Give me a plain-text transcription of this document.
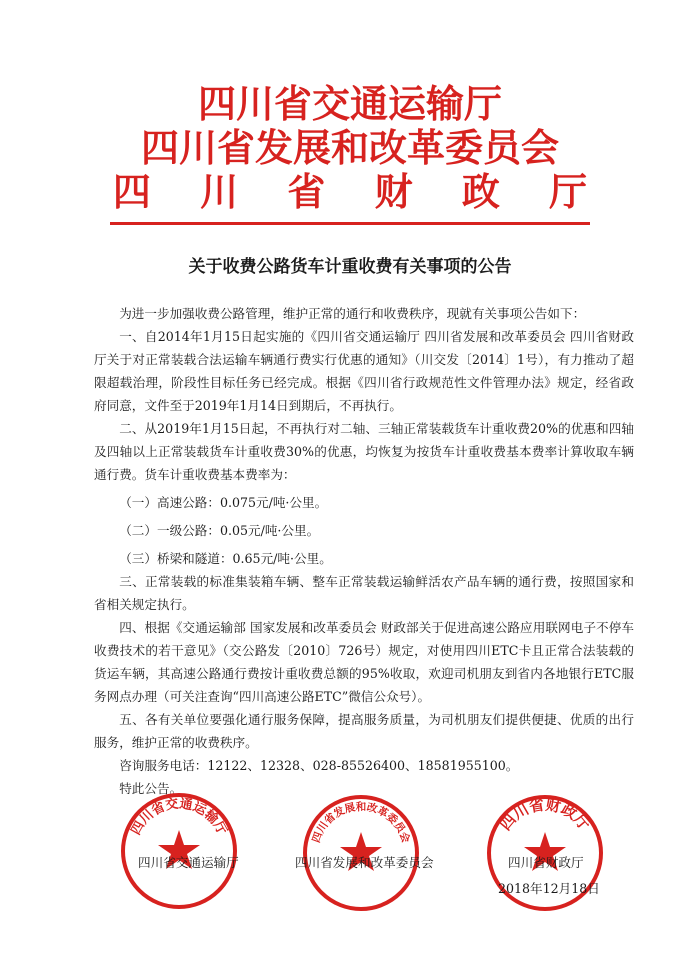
四川省交通运输厅
四川省发展和改革委员会
四 川 省 财 政 厅
关于收费公路货车计重收费有关事项的公告

为进一步加强收费公路管理，维护正常的通行和收费秩序，现就有关事项公告如下：

一、自2014年1月15日起实施的《四川省交通运输厅 四川省发展和改革委员会 四川省财政厅关于对正常装载合法运输车辆通行费实行优惠的通知》（川交发〔2014〕1号），有力推动了超限超载治理，阶段性目标任务已经完成。根据《四川省行政规范性文件管理办法》规定，经省政府同意，文件至于2019年1月14日到期后，不再执行。

二、从2019年1月15日起，不再执行对二轴、三轴正常装载货车计重收费20%的优惠和四轴及四轴以上正常装载货车计重收费30%的优惠，均恢复为按货车计重收费基本费率计算收取车辆通行费。货车计重收费基本费率为：

（一）高速公路：0.075元/吨·公里。

（二）一级公路：0.05元/吨·公里。

（三）桥梁和隧道：0.65元/吨·公里。

三、正常装载的标准集装箱车辆、整车正常装载运输鲜活农产品车辆的通行费，按照国家和省相关规定执行。

四、根据《交通运输部 国家发展和改革委员会 财政部关于促进高速公路应用联网电子不停车收费技术的若干意见》（交公路发〔2010〕726号）规定，对使用四川ETC卡且正常合法装载的货运车辆，其高速公路通行费按计重收费总额的95%收取，欢迎司机朋友到省内各地银行ETC服务网点办理（可关注查询“四川高速公路ETC”微信公众号）。

五、各有关单位要强化通行服务保障，提高服务质量，为司机朋友们提供便捷、优质的出行服务，维护正常的收费秩序。

咨询服务电话：12122、12328、028-85526400、18581955100。

特此公告。

四川省交通运输厅	四川省发展和改革委员会
四川省财政厅
四川省交通运输厅	四川省发展和改革委员会	四川省财政厅
2018年12月18日
